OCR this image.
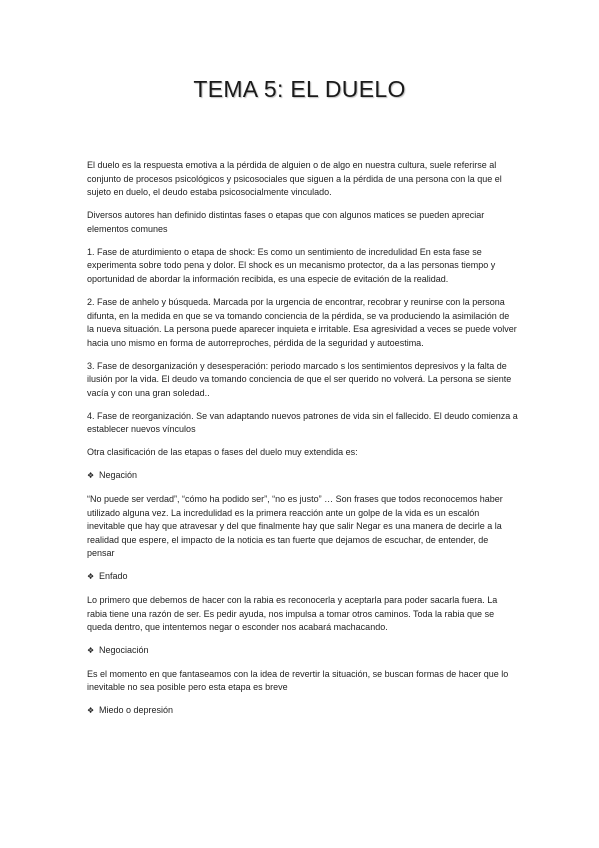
TEMA 5: EL DUELO

El duelo es la respuesta emotiva a la pérdida de alguien o de algo en nuestra cultura, suele referirse al conjunto de procesos psicológicos y psicosociales que siguen a la pérdida de una persona con la que el sujeto en duelo, el deudo estaba psicosocialmente vinculado.

Diversos autores han definido distintas fases o etapas que con algunos matices se pueden apreciar elementos comunes

1. Fase de aturdimiento o etapa de shock: Es como un sentimiento de incredulidad En esta fase se experimenta sobre todo pena y dolor. El shock es un mecanismo protector, da a las personas tiempo y oportunidad de abordar la información recibida, es una especie de evitación de la realidad.

2. Fase de anhelo y búsqueda. Marcada por la urgencia de encontrar, recobrar y reunirse con la persona difunta, en la medida en que se va tomando conciencia de la pérdida, se va produciendo la asimilación de la nueva situación. La persona puede aparecer inquieta e irritable. Esa agresividad a veces se puede volver hacia uno mismo en forma de autorreproches, pérdida de la seguridad y autoestima.

3. Fase de desorganización y desesperación: periodo marcado s los sentimientos depresivos y la falta de ilusión por la vida. El deudo va tomando conciencia de que el ser querido no volverá. La persona se siente vacía y con una gran soledad..

4. Fase de reorganización. Se van adaptando nuevos patrones de vida sin el fallecido. El deudo comienza a establecer nuevos vínculos

Otra clasificación de las etapas o fases del duelo muy extendida es:

❖ Negación

“No puede ser verdad”, “cómo ha podido ser”, “no es justo” … Son frases que todos reconocemos haber utilizado alguna vez. La incredulidad es la primera reacción ante un golpe de la vida es un escalón inevitable que hay que atravesar y del que finalmente hay que salir Negar es una manera de decirle a la realidad que espere, el impacto de la noticia es tan fuerte que dejamos de escuchar, de entender, de pensar

❖ Enfado

Lo primero que debemos de hacer con la rabia es reconocerla y aceptarla para poder sacarla fuera. La rabia tiene una razón de ser. Es pedir ayuda, nos impulsa a tomar otros caminos. Toda la rabia que se queda dentro, que intentemos negar o esconder nos acabará machacando.

❖ Negociación

Es el momento en que fantaseamos con la idea de revertir la situación, se buscan formas de hacer que lo inevitable no sea posible pero esta etapa es breve

❖ Miedo o depresión
